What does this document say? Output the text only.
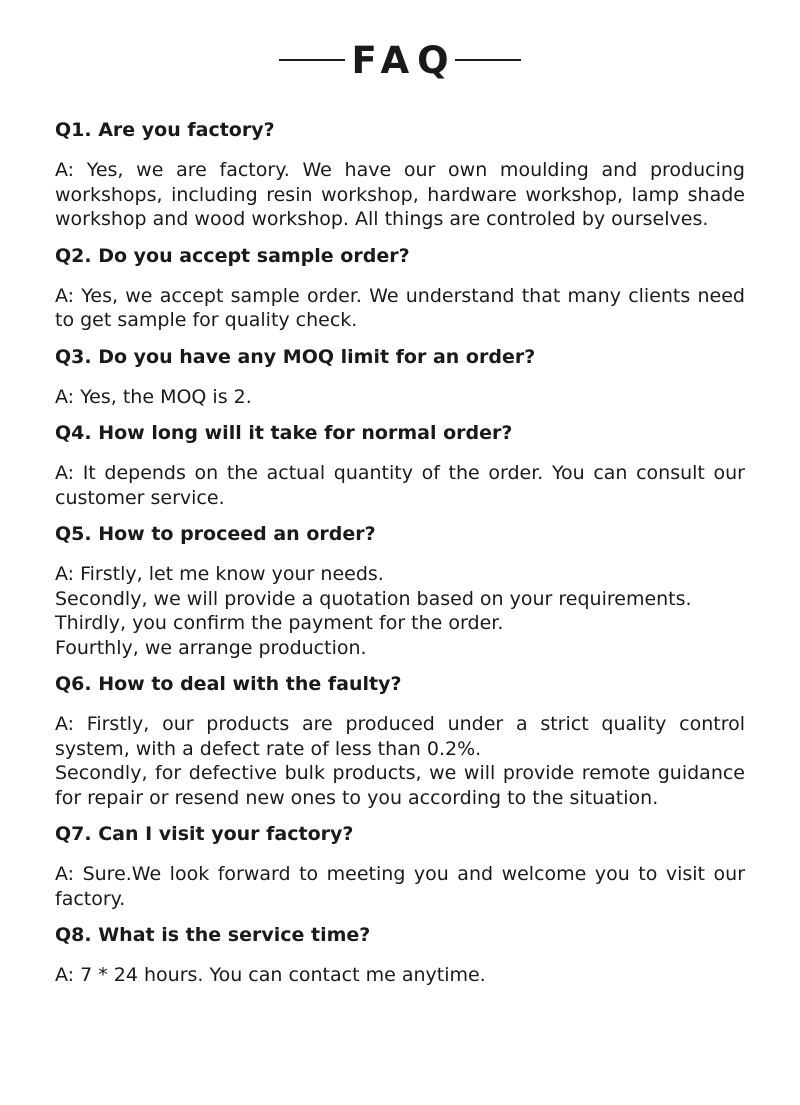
FAQ
Q1. Are you factory?
A: Yes, we are factory. We have our own moulding and producing workshops, including resin workshop, hardware workshop, lamp shade workshop and wood workshop. All things are controled by ourselves.
Q2. Do you accept sample order?
A: Yes, we accept sample order. We understand that many clients need to get sample for quality check.
Q3. Do you have any MOQ limit for an order?
A: Yes, the MOQ is 2.
Q4. How long will it take for normal order?
A: It depends on the actual quantity of the order. You can consult our customer service.
Q5. How to proceed an order?
A: Firstly, let me know your needs.
Secondly, we will provide a quotation based on your requirements.
Thirdly, you confirm the payment for the order.
Fourthly, we arrange production.
Q6. How to deal with the faulty?
A: Firstly, our products are produced under a strict quality control system, with a defect rate of less than 0.2%.
Secondly, for defective bulk products, we will provide remote guidance for repair or resend new ones to you according to the situation.
Q7. Can I visit your factory?
A: Sure.We look forward to meeting you and welcome you to visit our factory.
Q8. What is the service time?
A: 7 * 24 hours. You can contact me anytime.
